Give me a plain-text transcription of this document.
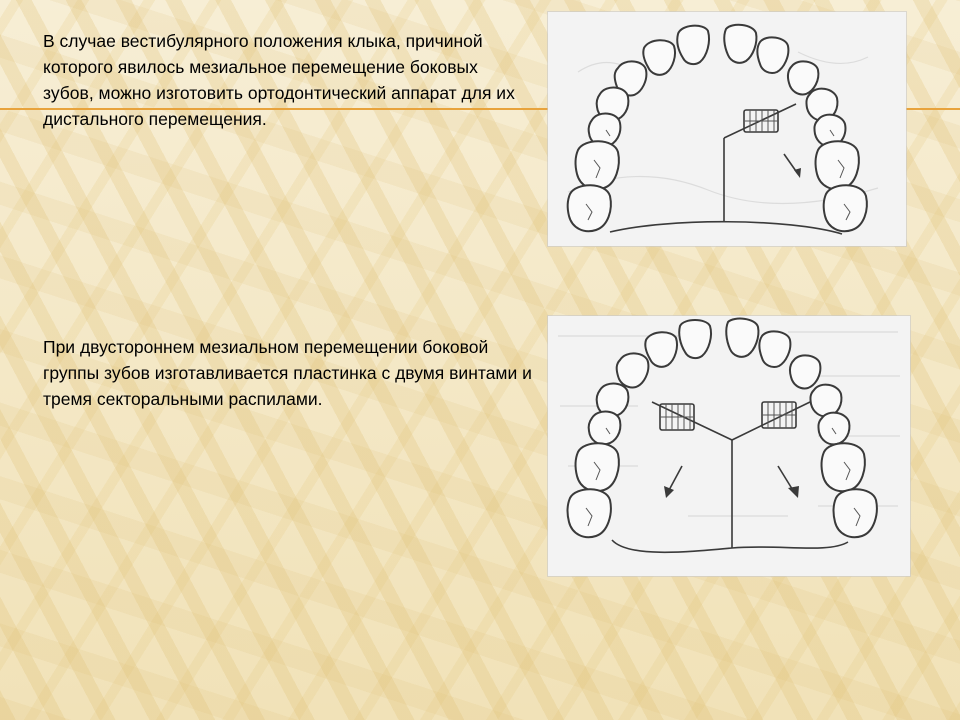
В случае вестибулярного положения клыка, причиной которого явилось мезиальное перемещение боковых зубов, можно изготовить ортодонтический аппарат для их дистального перемещения.

При двустороннем мезиальном перемещении боковой группы зубов изготавливается пластинка с двумя винтами и тремя секторальными распилами.
